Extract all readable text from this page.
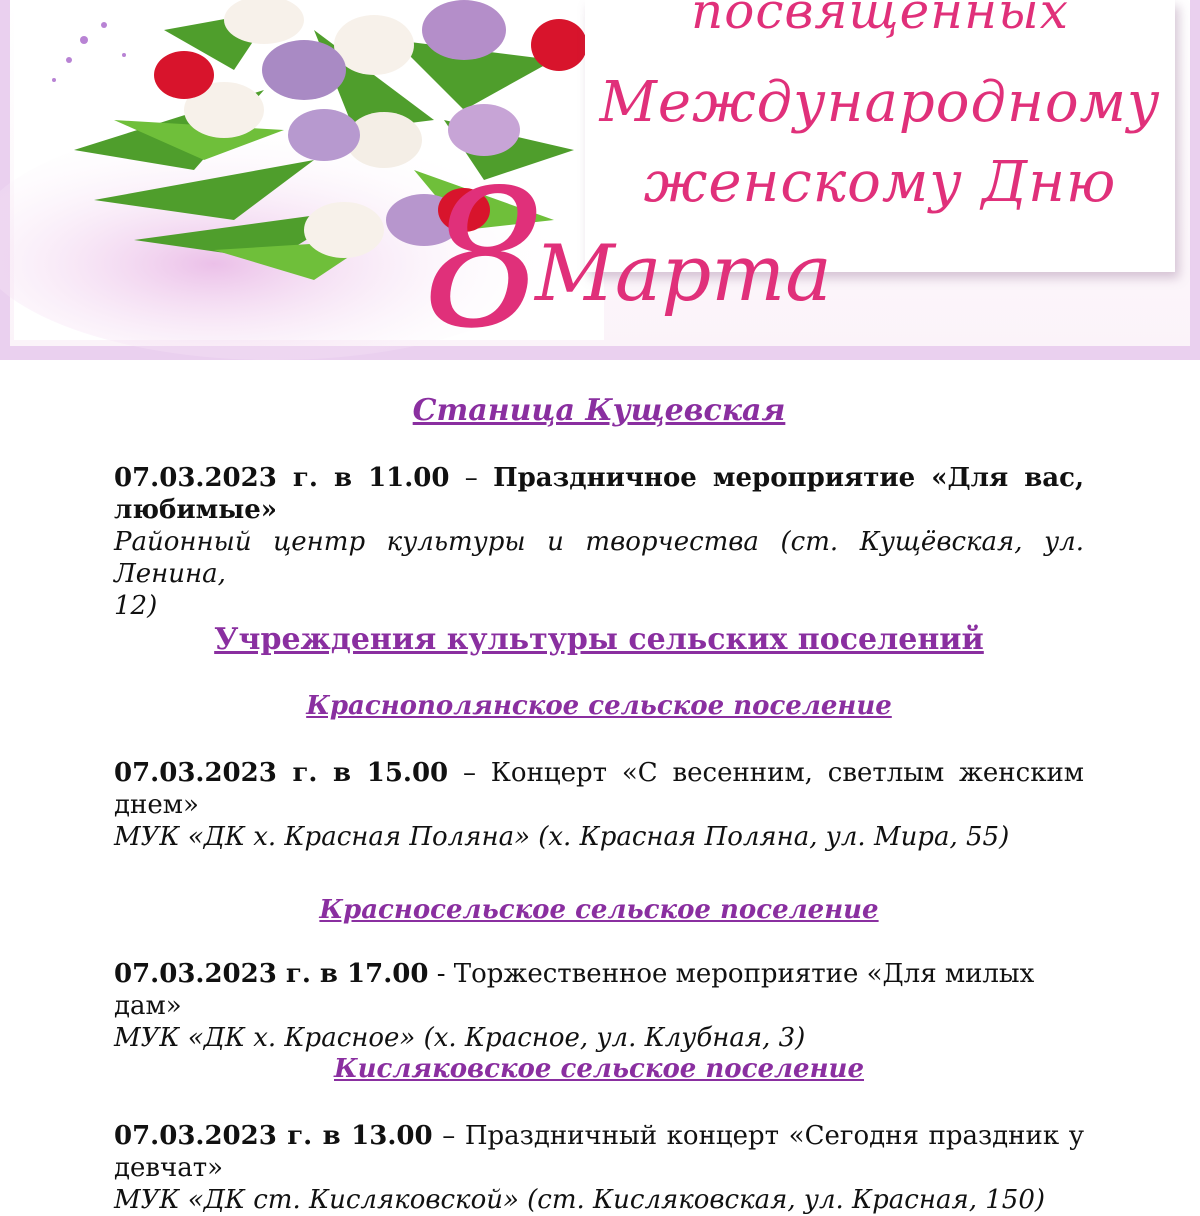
посвященных
Международному
женскому Дню
8
Марта
Станица Кущевская
07.03.2023 г. в 11.00 – Праздничное мероприятие «Для вас,
любимые»
Районный центр культуры и творчества (ст. Кущёвская, ул. Ленина,
12)
Учреждения культуры сельских поселений
Краснополянское сельское поселение
07.03.2023 г. в 15.00 – Концерт «С весенним, светлым женским
днем»
МУК «ДК х. Красная Поляна» (х. Красная Поляна, ул. Мира, 55)
Красносельское сельское поселение
07.03.2023 г. в 17.00 - Торжественное мероприятие «Для милых дам»
МУК «ДК х. Красное» (х. Красное, ул. Клубная, 3)
Кисляковское сельское поселение
07.03.2023 г. в 13.00 – Праздничный концерт «Сегодня праздник у
девчат»
МУК «ДК ст. Кисляковской» (ст. Кисляковская, ул. Красная, 150)
